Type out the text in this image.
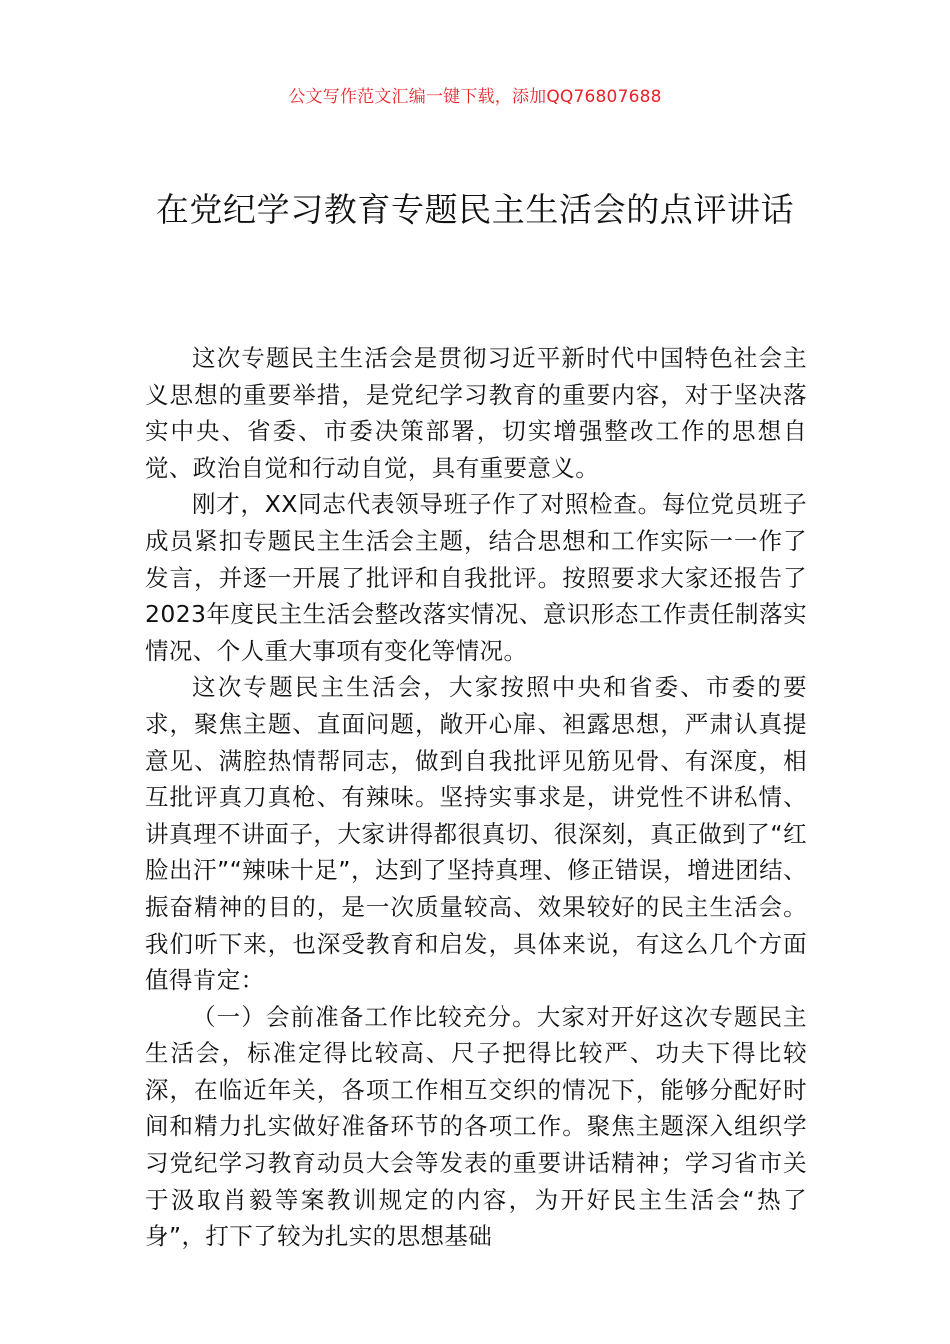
公文写作范文汇编一键下载，添加QQ76807688
在党纪学习教育专题民主生活会的点评讲话

这次专题民主生活会是贯彻习近平新时代中国特色社会主义思想的重要举措，是党纪学习教育的重要内容，对于坚决落实中央、省委、市委决策部署，切实增强整改工作的思想自觉、政治自觉和行动自觉，具有重要意义。

刚才，XX同志代表领导班子作了对照检查。每位党员班子成员紧扣专题民主生活会主题，结合思想和工作实际一一作了发言，并逐一开展了批评和自我批评。按照要求大家还报告了2023年度民主生活会整改落实情况、意识形态工作责任制落实情况、个人重大事项有变化等情况。

这次专题民主生活会，大家按照中央和省委、市委的要求，聚焦主题、直面问题，敞开心扉、袒露思想，严肃认真提意见、满腔热情帮同志，做到自我批评见筋见骨、有深度，相互批评真刀真枪、有辣味。坚持实事求是，讲党性不讲私情、讲真理不讲面子，大家讲得都很真切、很深刻，真正做到了“红脸出汗”“辣味十足”，达到了坚持真理、修正错误，增进团结、振奋精神的目的，是一次质量较高、效果较好的民主生活会。我们听下来，也深受教育和启发，具体来说，有这么几个方面值得肯定：

（一）会前准备工作比较充分。大家对开好这次专题民主生活会，标准定得比较高、尺子把得比较严、功夫下得比较深，在临近年关，各项工作相互交织的情况下，能够分配好时间和精力扎实做好准备环节的各项工作。聚焦主题深入组织学习党纪学习教育动员大会等发表的重要讲话精神；学习省市关于汲取肖毅等案教训规定的内容，为开好民主生活会“热了身”，打下了较为扎实的思想基础
